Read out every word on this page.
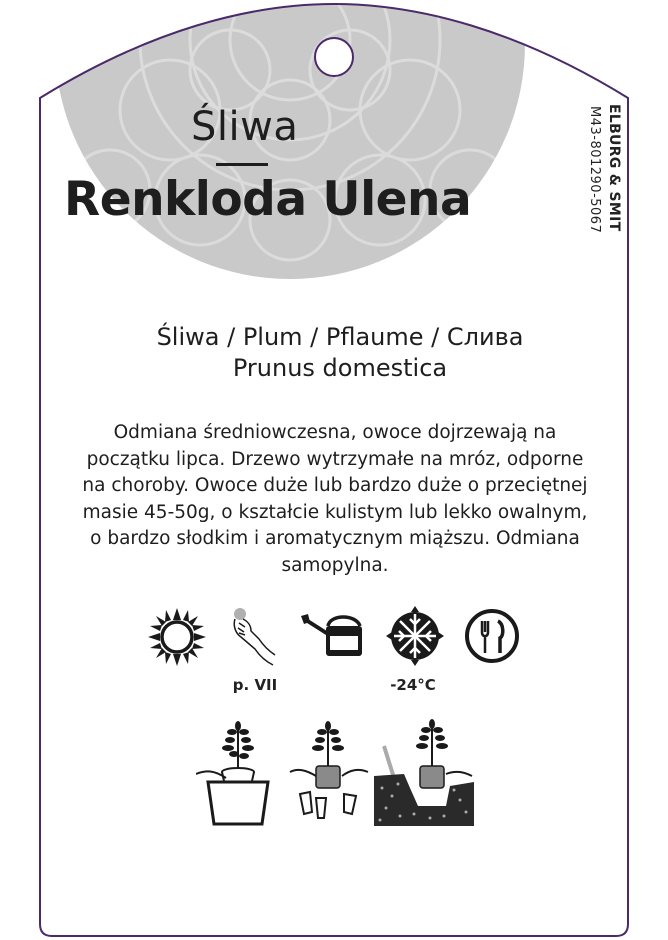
Śliwa
Renkloda Ulena	ELBURG & SMIT
M43-801290-5067
Śliwa / Plum / Pflaume / Слива
Prunus domestica
Odmiana średniowczesna, owoce dojrzewają na
początku lipca. Drzewo wytrzymałe na mróz, odporne
na choroby. Owoce duże lub bardzo duże o przeciętnej
masie 45-50g, o kształcie kulistym lub lekko owalnym,
o bardzo słodkim i aromatycznym miąższu. Odmiana
samopylna.
p. VII	-24°C
